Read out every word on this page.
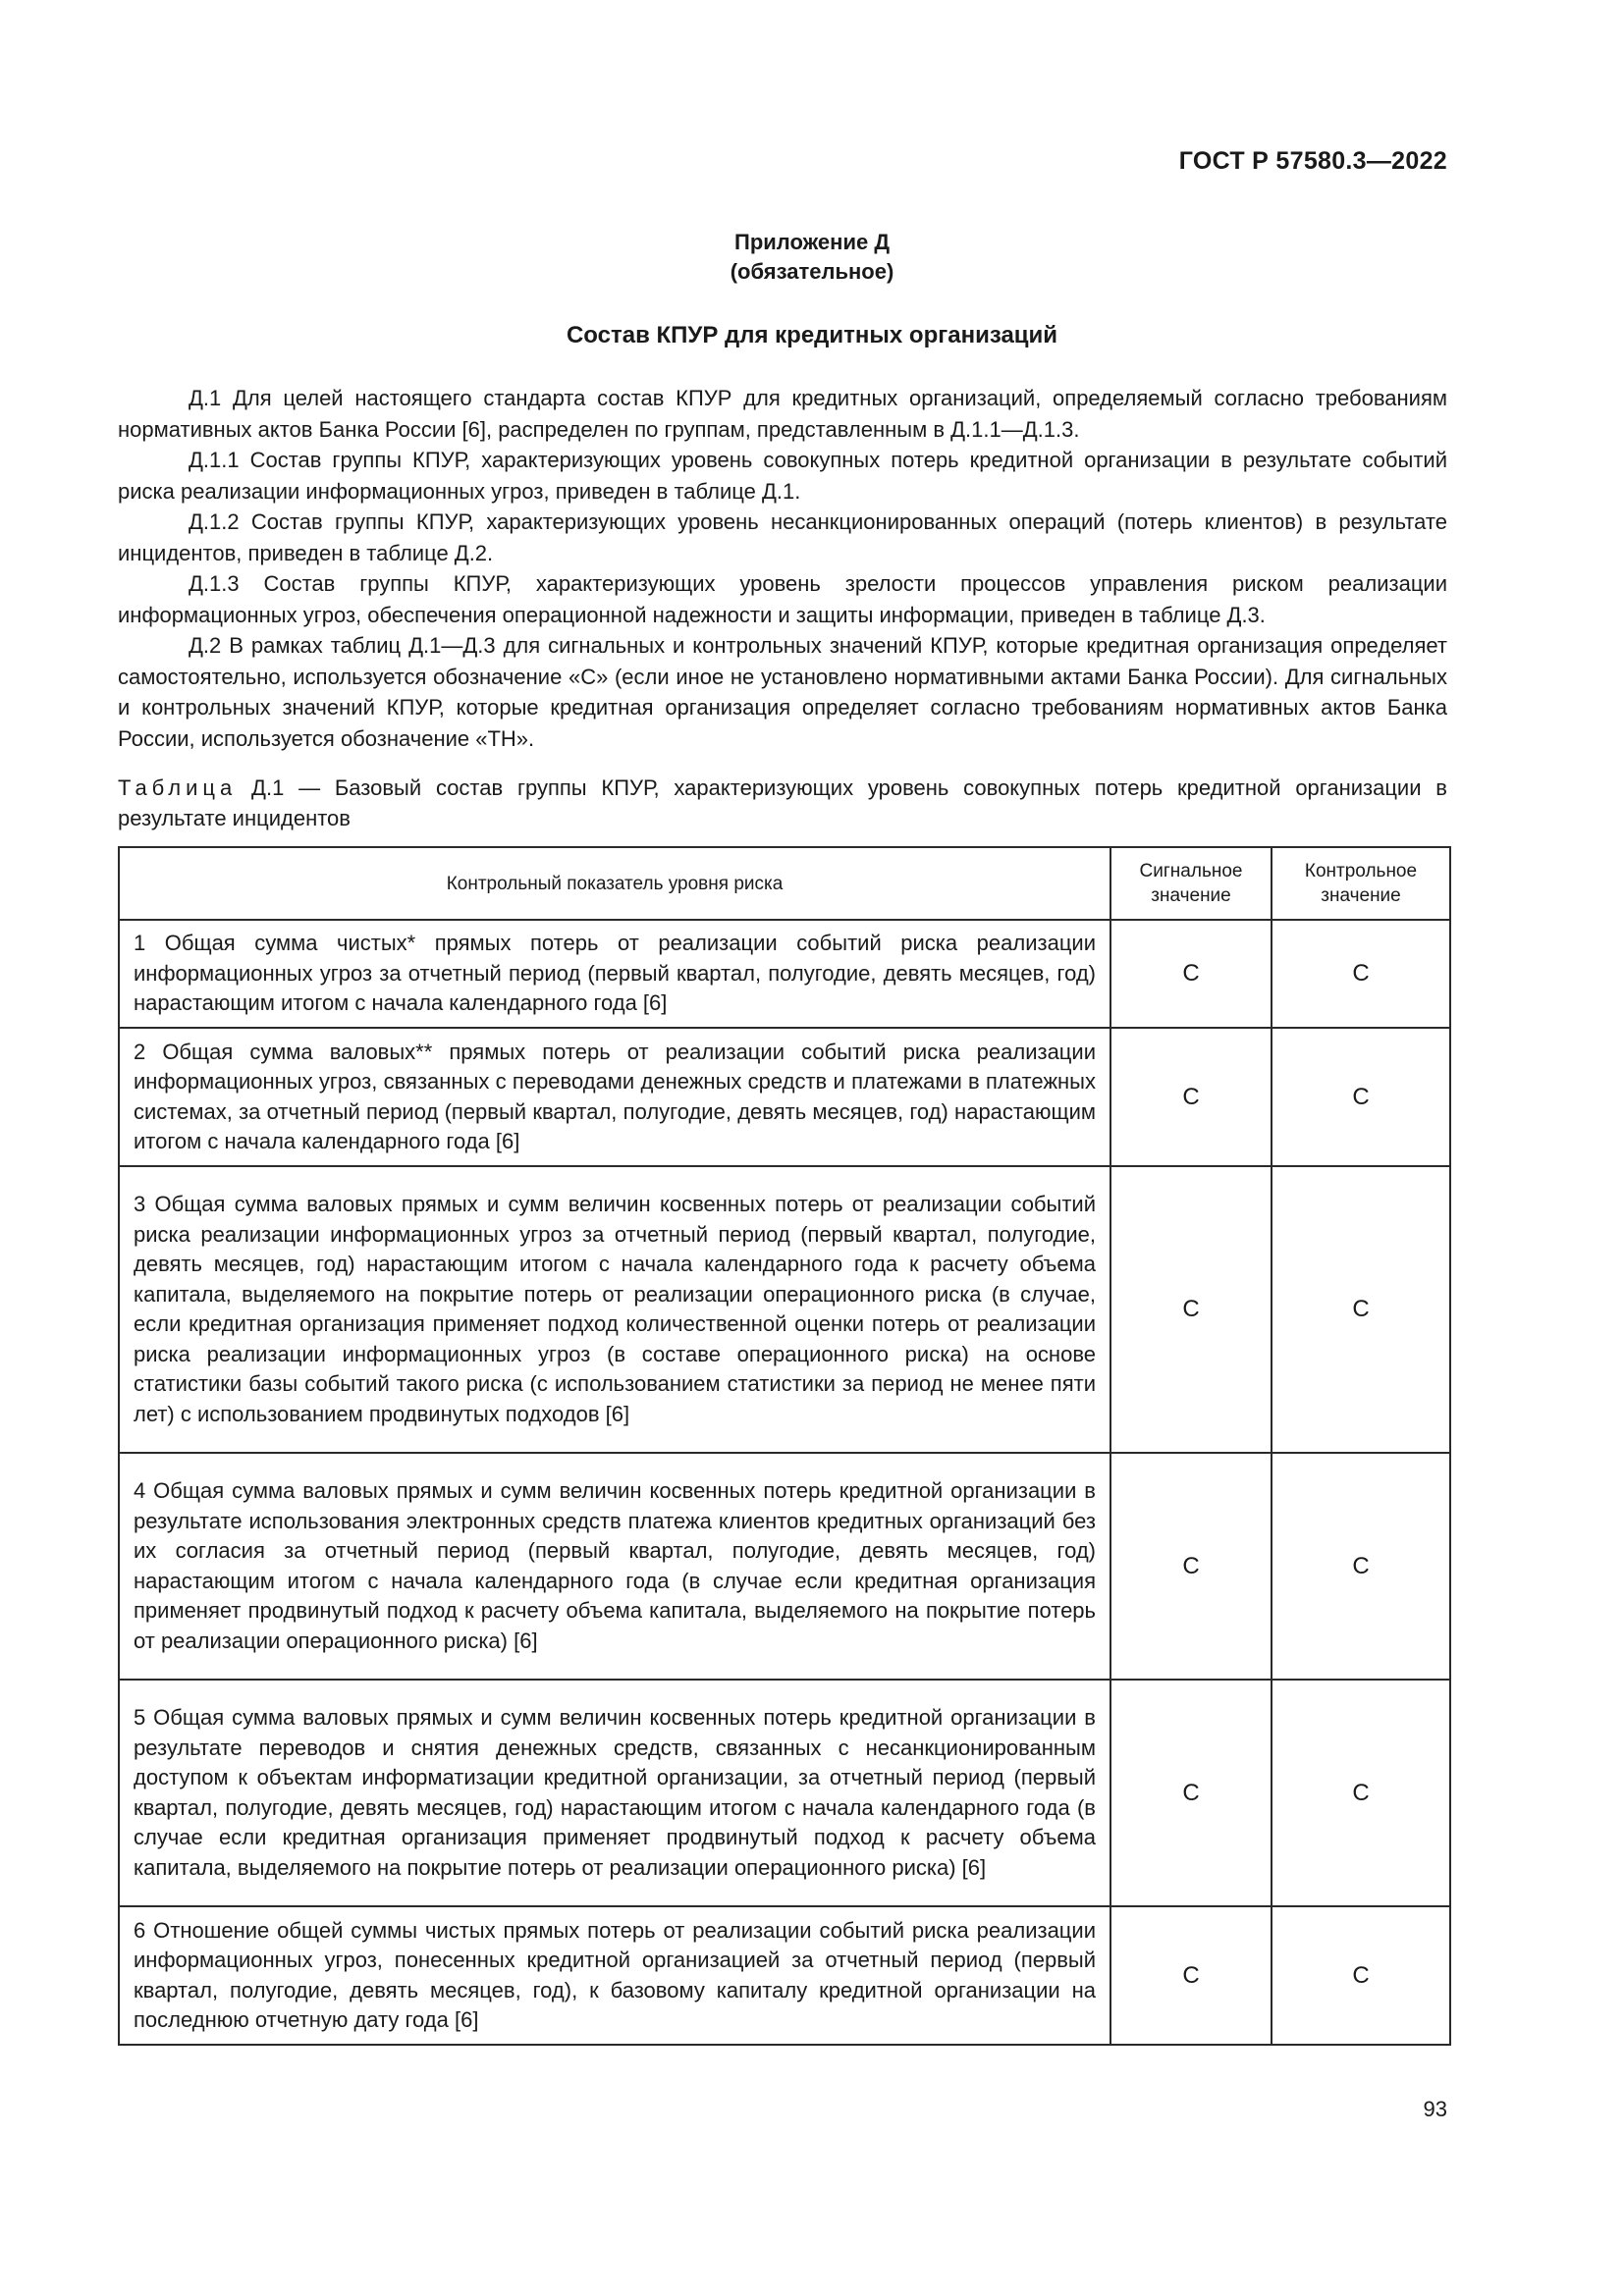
ГОСТ Р 57580.3—2022
Приложение Д
(обязательное)
Состав КПУР для кредитных организаций

Д.1 Для целей настоящего стандарта состав КПУР для кредитных организаций, определяемый согласно требованиям нормативных актов Банка России [6], распределен по группам, представленным в Д.1.1—Д.1.3.

Д.1.1 Состав группы КПУР, характеризующих уровень совокупных потерь кредитной организации в результате событий риска реализации информационных угроз, приведен в таблице Д.1.

Д.1.2 Состав группы КПУР, характеризующих уровень несанкционированных операций (потерь клиентов) в результате инцидентов, приведен в таблице Д.2.

Д.1.3 Состав группы КПУР, характеризующих уровень зрелости процессов управления риском реализации информационных угроз, обеспечения операционной надежности и защиты информации, приведен в таблице Д.3.

Д.2 В рамках таблиц Д.1—Д.3 для сигнальных и контрольных значений КПУР, которые кредитная организация определяет самостоятельно, используется обозначение «С» (если иное не установлено нормативными актами Банка России). Для сигнальных и контрольных значений КПУР, которые кредитная организация определяет согласно требованиям нормативных актов Банка России, используется обозначение «ТН».

Таблица Д.1 — Базовый состав группы КПУР, характеризующих уровень совокупных потерь кредитной организации в результате инцидентов
Контрольный показатель уровня риска	Сигнальное значение	Контрольное значение
1 Общая сумма чистых* прямых потерь от реализации событий риска реализации информационных угроз за отчетный период (первый квартал, полугодие, девять месяцев, год) нарастающим итогом с начала календарного года [6]	С	С
2 Общая сумма валовых** прямых потерь от реализации событий риска реализации информационных угроз, связанных с переводами денежных средств и платежами в платежных системах, за отчетный период (первый квартал, полугодие, девять месяцев, год) нарастающим итогом с начала календарного года [6]	С	С
3 Общая сумма валовых прямых и сумм величин косвенных потерь от реализации событий риска реализации информационных угроз за отчетный период (первый квартал, полугодие, девять месяцев, год) нарастающим итогом с начала календарного года к расчету объема капитала, выделяемого на покрытие потерь от реализации операционного риска (в случае, если кредитная организация применяет подход количественной оценки потерь от реализации риска реализации информационных угроз (в составе операционного риска) на основе статистики базы событий такого риска (с использованием статистики за период не менее пяти лет) с использованием продвинутых подходов [6]	С	С
4 Общая сумма валовых прямых и сумм величин косвенных потерь кредитной организации в результате использования электронных средств платежа клиентов кредитных организаций без их согласия за отчетный период (первый квартал, полугодие, девять месяцев, год) нарастающим итогом с начала календарного года (в случае если кредитная организация применяет продвинутый подход к расчету объема капитала, выделяемого на покрытие потерь от реализации операционного риска) [6]	С	С
5 Общая сумма валовых прямых и сумм величин косвенных потерь кредитной организации в результате переводов и снятия денежных средств, связанных с несанкционированным доступом к объектам информатизации кредитной организации, за отчетный период (первый квартал, полугодие, девять месяцев, год) нарастающим итогом с начала календарного года (в случае если кредитная организация применяет продвинутый подход к расчету объема капитала, выделяемого на покрытие потерь от реализации операционного риска) [6]	С	С
6 Отношение общей суммы чистых прямых потерь от реализации событий риска реализации информационных угроз, понесенных кредитной организацией за отчетный период (первый квартал, полугодие, девять месяцев, год), к базовому капиталу кредитной организации на последнюю отчетную дату года [6]	С	С
93
